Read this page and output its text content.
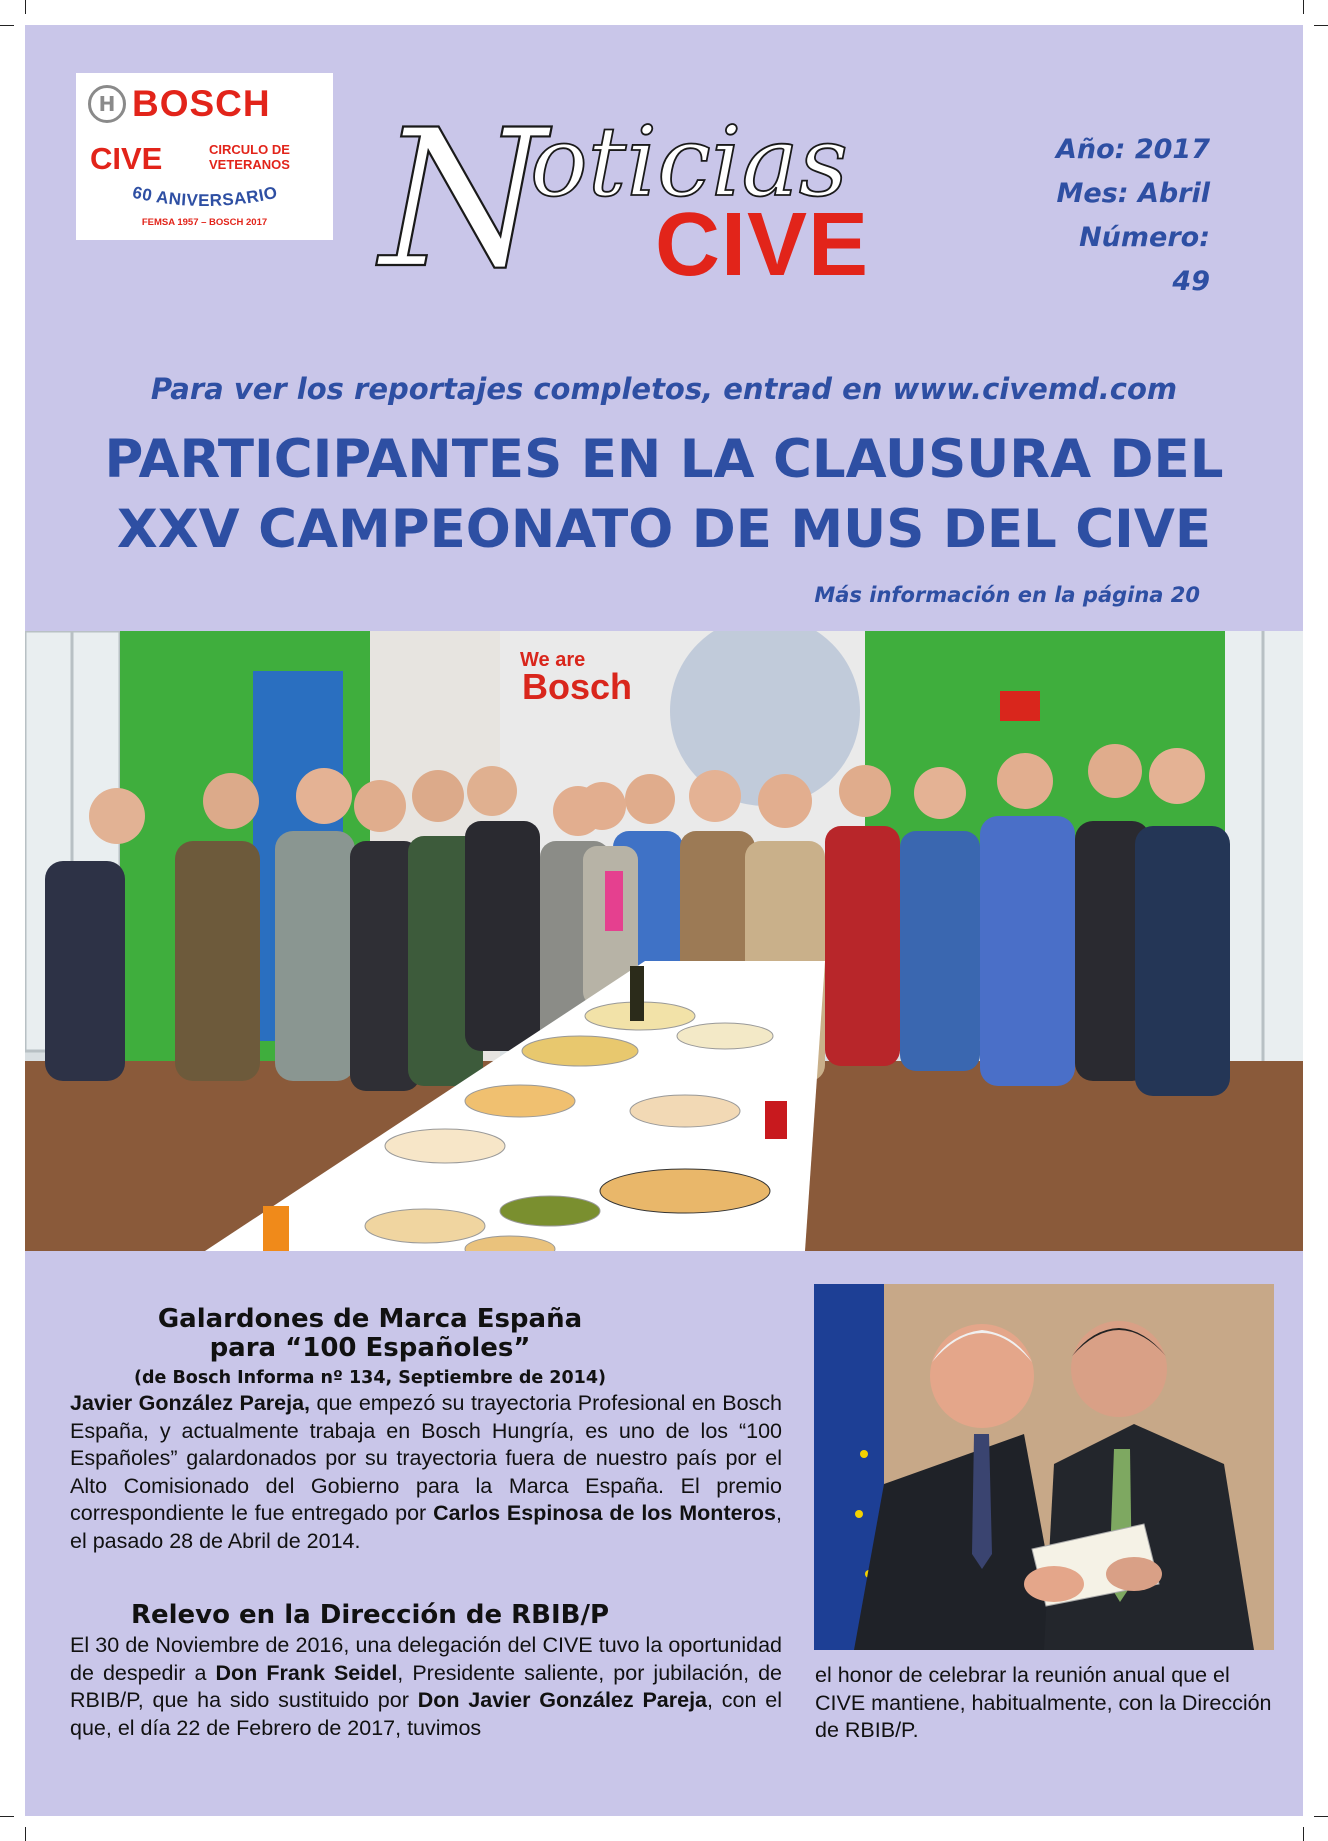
H BOSCH
CIVE	CIRCULO DE
VETERANOS
60 ANIVERSARIO
FEMSA 1957 – BOSCH 2017 N
oticias
CIVE
Año: 2017
Mes: Abril
Número: 49
Para ver los reportajes completos, entrad en www.civemd.com
PARTICIPANTES EN LA CLAUSURA DEL
XXV CAMPEONATO DE MUS DEL CIVE
Más información en la página 20
We are
Bosch
Galardones de Marca España
para “100 Españoles”
(de Bosch Informa nº 134, Septiembre de 2014)
Javier González Pareja, que empezó su trayectoria Profesional en Bosch España, y actualmente trabaja en Bosch Hungría, es uno de los “100 Españoles” galardonados por su trayectoria fuera de nuestro país por el Alto Comisionado del Gobierno para la Marca España. El premio correspondiente le fue entregado por Carlos Espinosa de los Monteros, el pasado 28 de Abril de 2014.
Relevo en la Dirección de RBIB/P
El 30 de Noviembre de 2016, una delegación del CIVE tuvo la oportunidad de despedir a Don Frank Seidel, Presidente saliente, por jubilación, de RBIB/P, que ha sido sustituido por Don Javier González Pareja, con el que, el día 22 de Febrero de 2017, tuvimos
el honor de celebrar la reunión anual que el CIVE mantiene, habitualmente, con la Dirección de RBIB/P.
